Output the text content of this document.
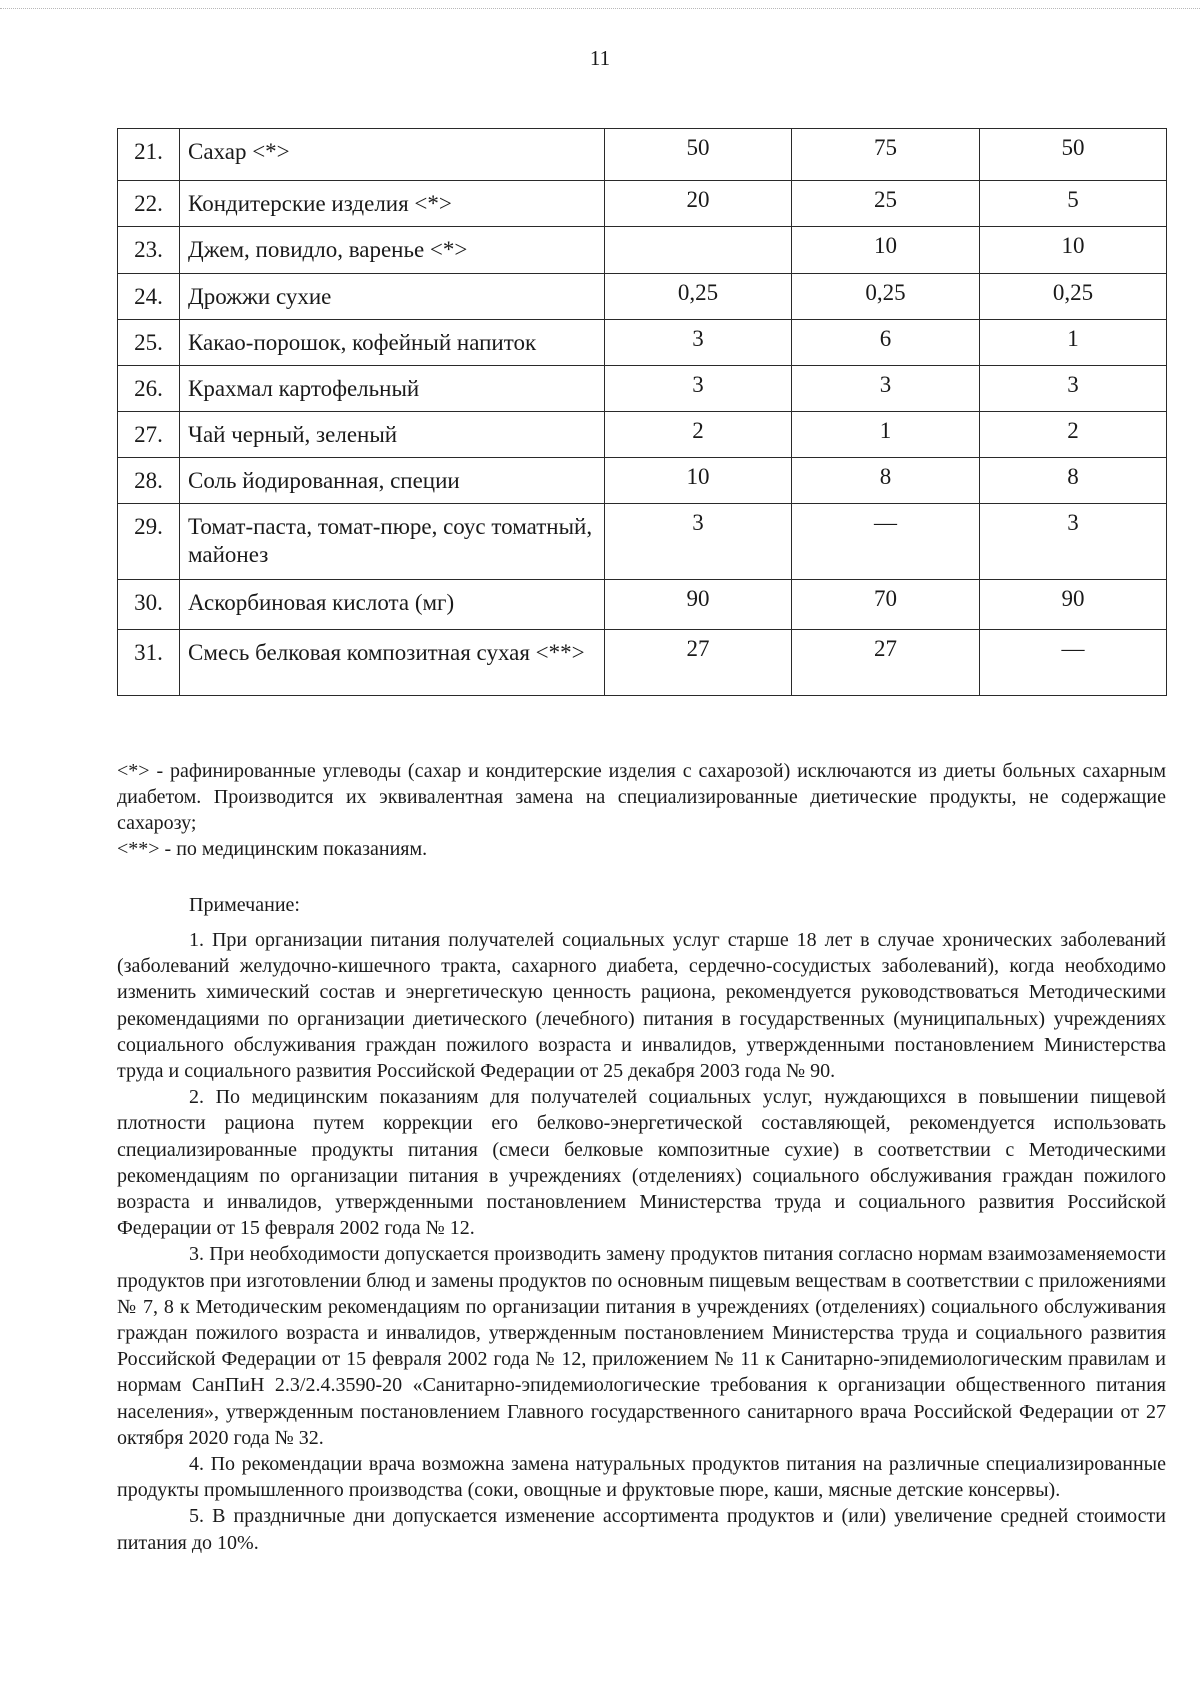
11
21.	Сахар <*>	50	75	50
22.	Кондитерские изделия <*>	20	25	5
23.	Джем, повидло, варенье <*>		10	10
24.	Дрожжи сухие	0,25	0,25	0,25
25.	Какао-порошок, кофейный напиток	3	6	1
26.	Крахмал картофельный	3	3	3
27.	Чай черный, зеленый	2	1	2
28.	Соль йодированная, специи	10	8	8
29.	Томат-паста, томат-пюре, соус томатный, майонез	3	—	3
30.	Аскорбиновая кислота (мг)	90	70	90
31.	Смесь белковая композитная сухая <**>	27	27	—

<*> - рафинированные углеводы (сахар и кондитерские изделия с сахарозой) исключаются из диеты больных сахарным диабетом. Производится их эквивалентная замена на специализированные диетические продукты, не содержащие сахарозу;

<**> - по медицинским показаниям.

Примечание:

1. При организации питания получателей социальных услуг старше 18 лет в случае хронических заболеваний (заболеваний желудочно-кишечного тракта, сахарного диабета, сердечно-сосудистых заболеваний), когда необходимо изменить химический состав и энергетическую ценность рациона, рекомендуется руководствоваться Методическими рекомендациями по организации диетического (лечебного) питания в государственных (муниципальных) учреждениях социального обслуживания граждан пожилого возраста и инвалидов, утвержденными постановлением Министерства труда и социального развития Российской Федерации от 25 декабря 2003 года № 90.

2. По медицинским показаниям для получателей социальных услуг, нуждающихся в повышении пищевой плотности рациона путем коррекции его белково-энергетической составляющей, рекомендуется использовать специализированные продукты питания (смеси белковые композитные сухие) в соответствии с Методическими рекомендациям по организации питания в учреждениях (отделениях) социального обслуживания граждан пожилого возраста и инвалидов, утвержденными постановлением Министерства труда и социального развития Российской Федерации от 15 февраля 2002 года № 12.

3. При необходимости допускается производить замену продуктов питания согласно нормам взаимозаменяемости продуктов при изготовлении блюд и замены продуктов по основным пищевым веществам в соответствии с приложениями № 7, 8 к Методическим рекомендациям по организации питания в учреждениях (отделениях) социального обслуживания граждан пожилого возраста и инвалидов, утвержденным постановлением Министерства труда и социального развития Российской Федерации от 15 февраля 2002 года № 12, приложением № 11 к Санитарно-эпидемиологическим правилам и нормам СанПиН 2.3/2.4.3590-20 «Санитарно-эпидемиологические требования к организации общественного питания населения», утвержденным постановлением Главного государственного санитарного врача Российской Федерации от 27 октября 2020 года № 32.

4. По рекомендации врача возможна замена натуральных продуктов питания на различные специализированные продукты промышленного производства (соки, овощные и фруктовые пюре, каши, мясные детские консервы).

5. В праздничные дни допускается изменение ассортимента продуктов и (или) увеличение средней стоимости питания до 10%.
